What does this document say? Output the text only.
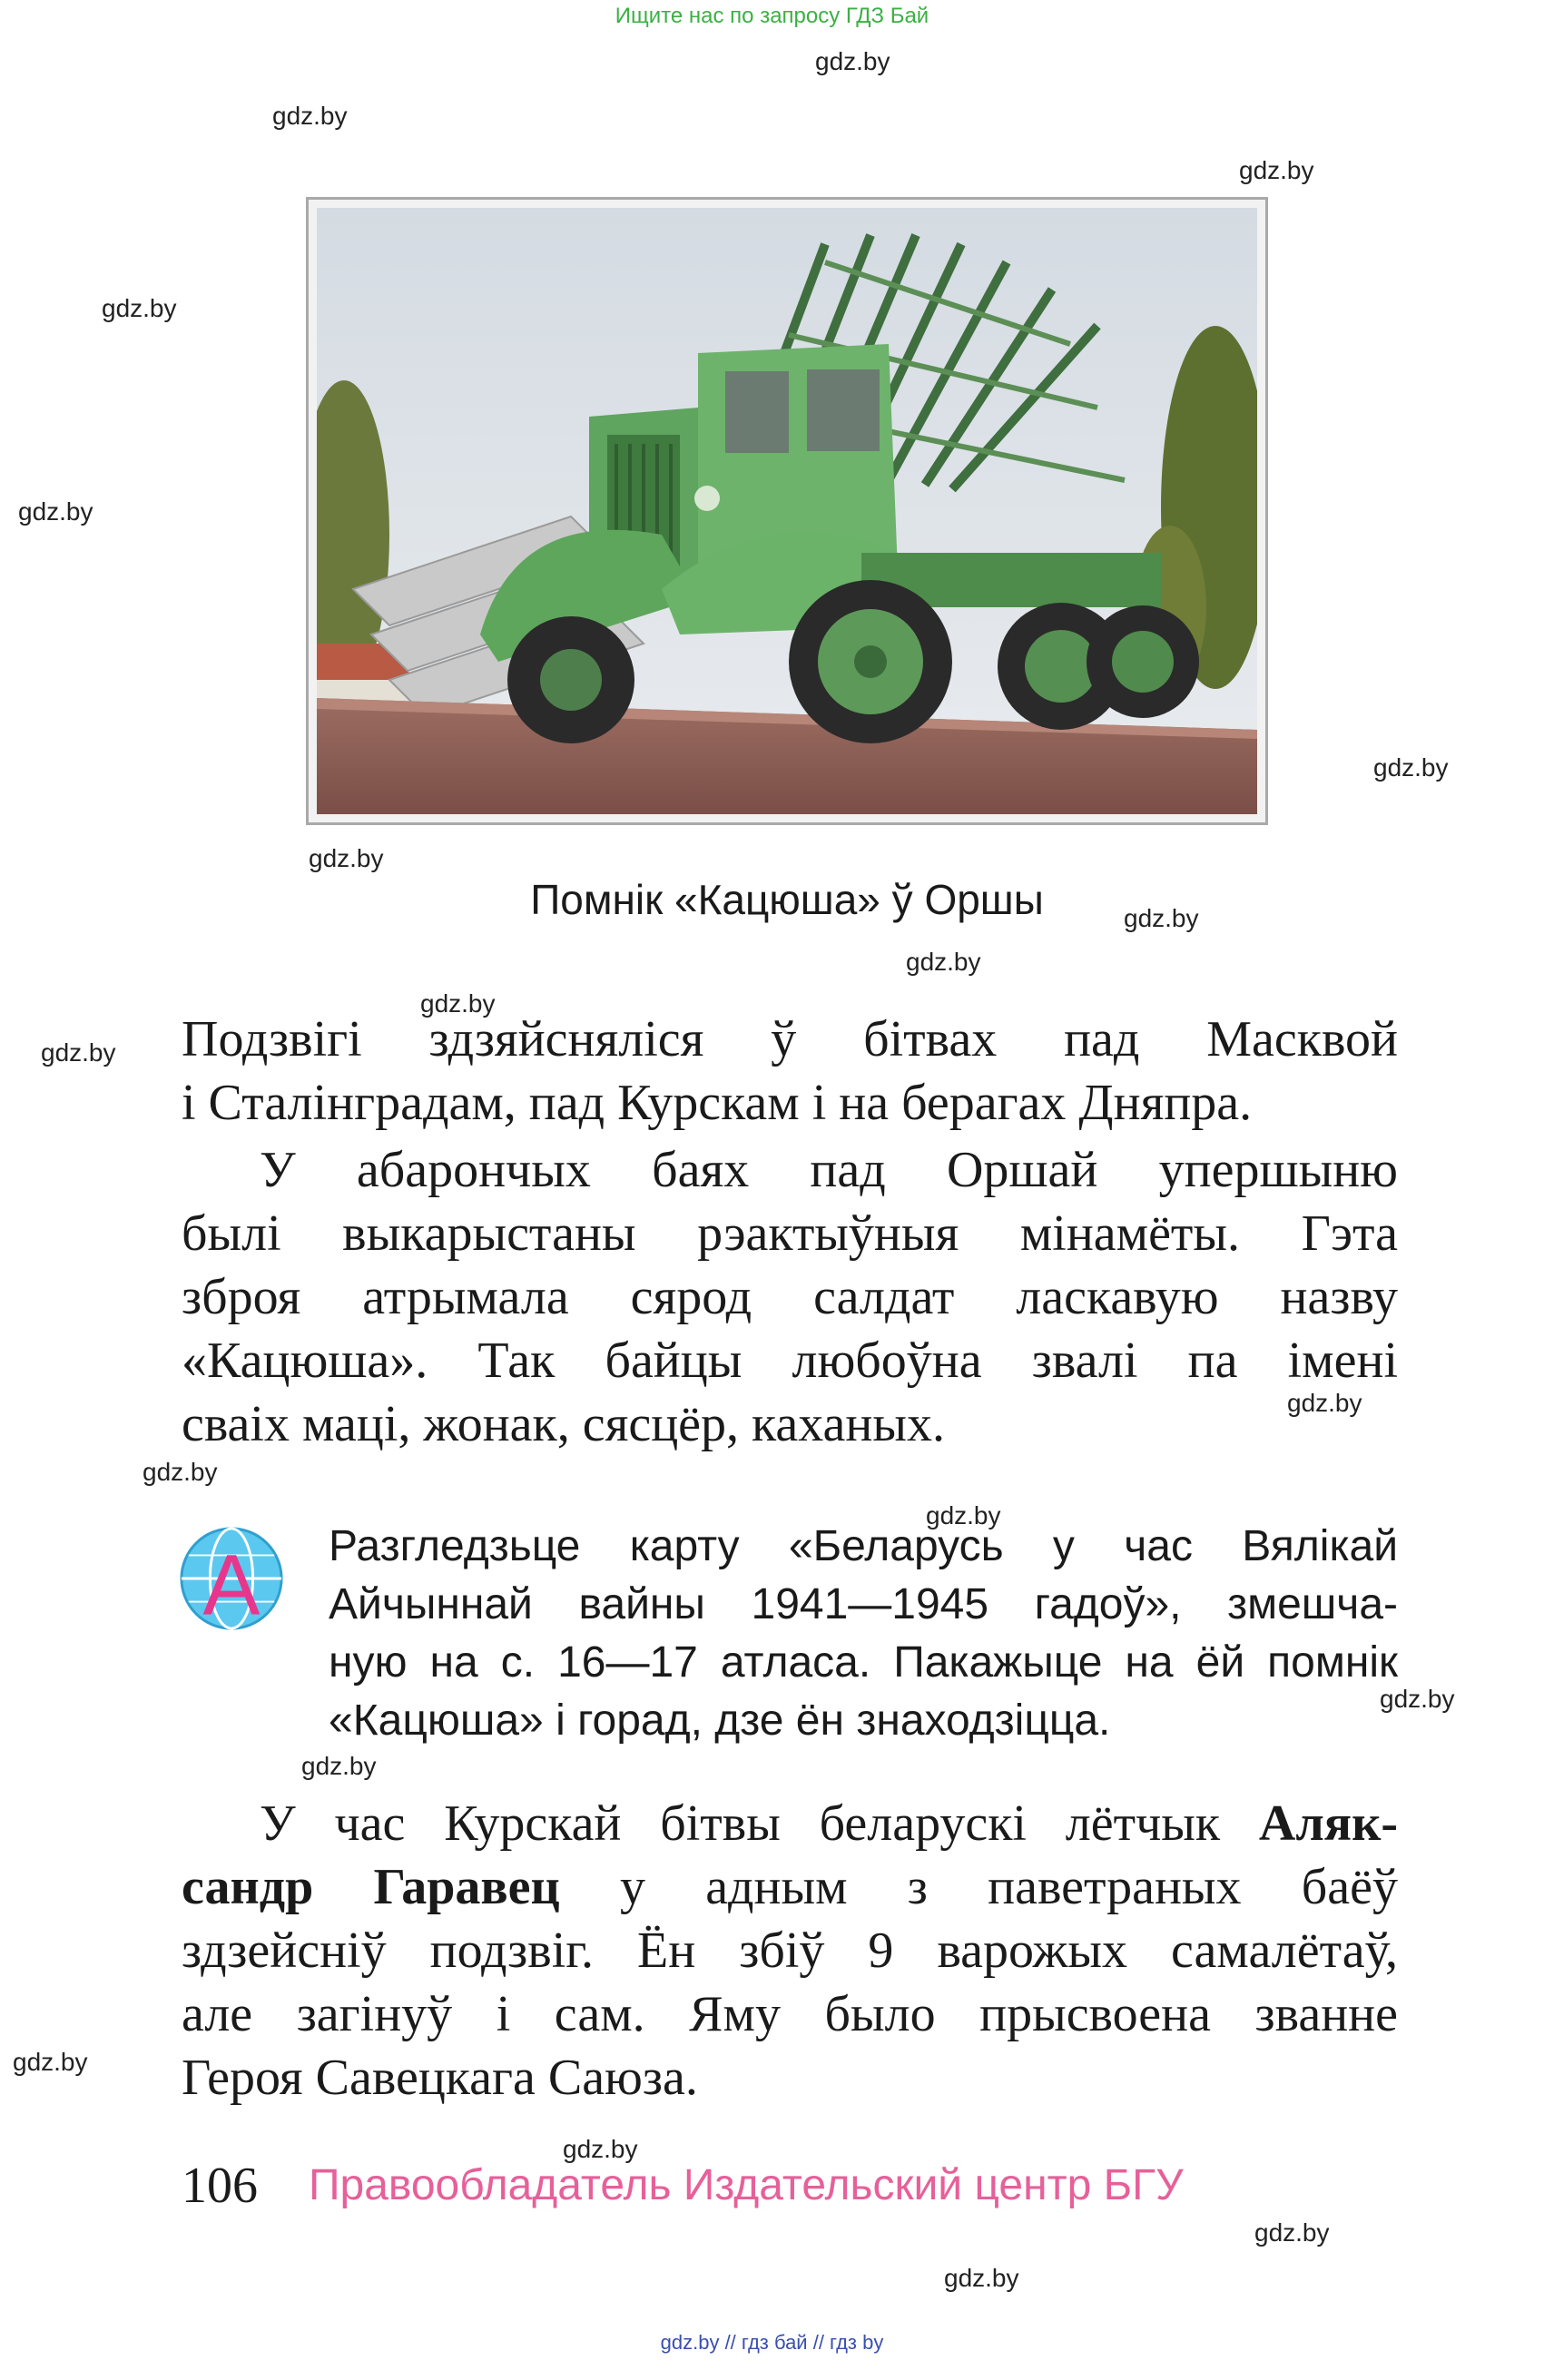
Ищите нас по запросу ГДЗ Бай
gdz.by
gdz.by
gdz.by
gdz.by
gdz.by
gdz.by
gdz.by
gdz.by
gdz.by
gdz.by
gdz.by
gdz.by
gdz.by
gdz.by
gdz.by
gdz.by
gdz.by
gdz.by
gdz.by
gdz.by
Помнік «Кацюша» ў Оршы
Подзвігі здзяйсняліся ў бітвах пад Масквой
і Сталінградам, пад Курскам і на берагах Дняпра.
У абарончых баях пад Оршай упершыню
былі выкарыстаны рэактыўныя мінамёты. Гэта
зброя атрымала сярод салдат ласкавую назву
«Кацюша». Так байцы любоўна звалі па імені
сваіх маці, жонак, сясцёр, каханых.
А Разгледзьце карту «Беларусь у час Вялікай
Айчыннай вайны 1941—1945 гадоў», змешча-
ную на с. 16—17 атласа. Пакажыце на ёй помнік
«Кацюша» і горад, дзе ён знаходзіцца.
У час Курскай бітвы беларускі лётчык Аляк-
сандр Гаравец у адным з паветраных баёў
здзейсніў подзвіг. Ён збіў 9 варожых самалётаў,
але загінуў і сам. Яму было прысвоена званне
Героя Савецкага Саюза.
106 Правообладатель Издательский центр БГУ
gdz.by // гдз бай // гдз by
